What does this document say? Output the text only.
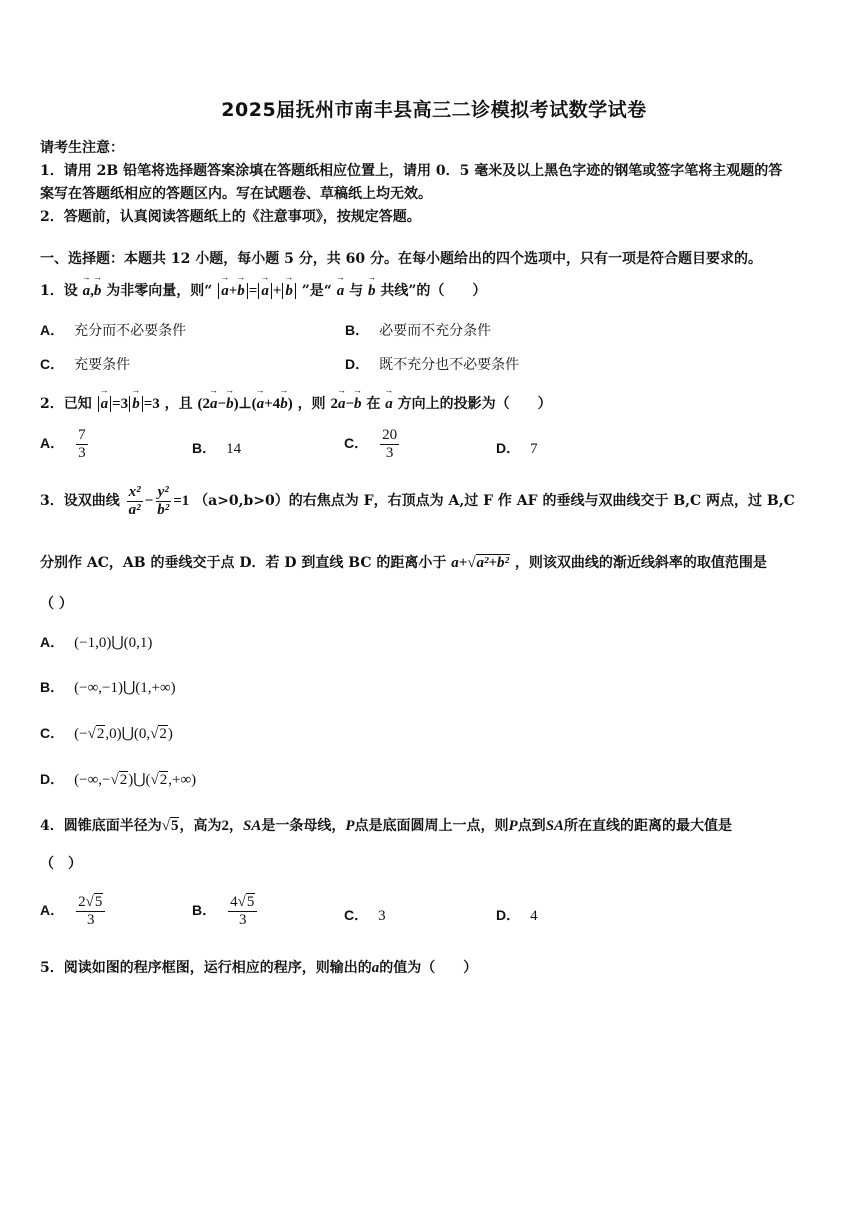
2025届抚州市南丰县高三二诊模拟考试数学试卷
请考生注意：
1．请用 2B 铅笔将选择题答案涂填在答题纸相应位置上，请用 0．5 毫米及以上黑色字迹的钢笔或签字笔将主观题的答
案写在答题纸相应的答题区内。写在试题卷、草稿纸上均无效。
2．答题前，认真阅读答题纸上的《注意事项》，按规定答题。
一、选择题：本题共 12 小题，每小题 5 分，共 60 分。在每小题给出的四个选项中，只有一项是符合题目要求的。
1．设 → a,→ b 为非零向量，则“ → a+→ b = → a + → b ”是“ → a 与 → b 共线”的（　　）
A． 充分而不必要条件	B． 必要而不充分条件
C． 充要条件	D． 既不充分也不必要条件
2．已知 → a =3 → b =3 ，且 (2→ a−→ b)⊥(→ a+4→ b) ，则 2→ a−→ b 在 → a 方向上的投影为（　　）
A． $\frac{7}{3}$	B． 14	C． $\frac{20}{3}$	D． 7
3．设双曲线 $\frac{\text{x²}}{\text{a²}} - \frac{\text{y²}}{\text{b²}} =1$ （a>0,b>0）的右焦点为 F，右顶点为 A,过 F 作 AF 的垂线与双曲线交于 B,C 两点，过 B,C
分别作 AC，AB 的垂线交于点 D．若 D 到直线 BC 的距离小于 a+√a²+b² ，则该双曲线的渐近线斜率的取值范围是
（ ）
A． (−1,0)⋃(0,1)
B． (−∞,−1)⋃(1,+∞)
C． (−√2,0)⋃(0,√2)
D． (−∞,−√2)⋃(√2,+∞)
4．圆锥底面半径为√5，高为2，SA是一条母线，P点是底面圆周上一点，则P点到SA所在直线的距离的最大值是
（　）
A． $\frac{2√5}{3}$	B． $\frac{4√5}{3}$	C． 3	D． 4
5．阅读如图的程序框图，运行相应的程序，则输出的a的值为（　　）
